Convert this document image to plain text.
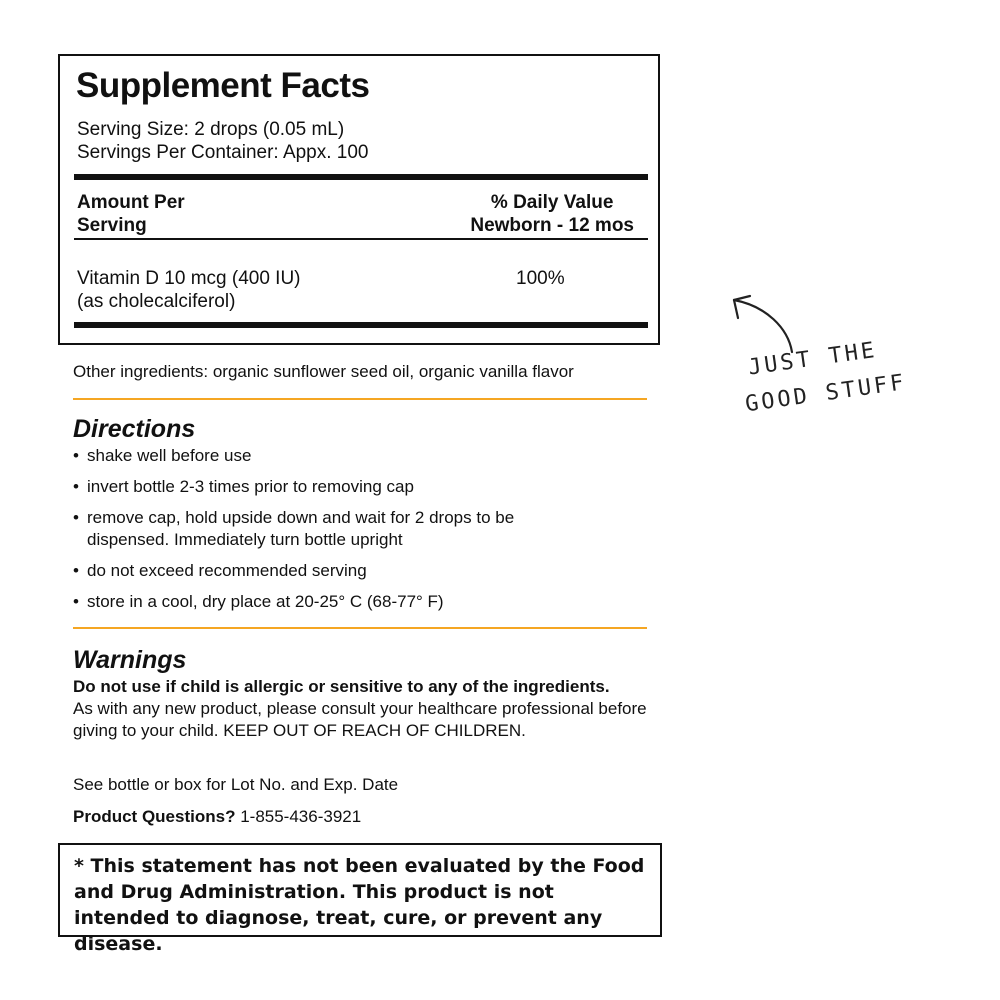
Supplement Facts
Serving Size: 2 drops (0.05 mL)
Servings Per Container: Appx. 100
Amount Per
Serving
% Daily Value
Newborn - 12 mos
Vitamin D 10 mcg (400 IU)
(as cholecalciferol)
100%
Other ingredients: organic sunflower seed oil, organic vanilla flavor
Directions
• shake well before use
• invert bottle 2-3 times prior to removing cap
• remove cap, hold upside down and wait for 2 drops to be
dispensed. Immediately turn bottle upright
• do not exceed recommended serving
• store in a cool, dry place at 20-25° C (68-77° F)
Warnings
Do not use if child is allergic or sensitive to any of the ingredients.
As with any new product, please consult your healthcare professional before giving to your child. KEEP OUT OF REACH OF CHILDREN.
See bottle or box for Lot No. and Exp. Date
Product Questions? 1-855-436-3921
* This statement has not been evaluated by the Food and Drug Administration. This product is not intended to diagnose, treat, cure, or prevent any disease.
JUST THE
GOOD STUFF
